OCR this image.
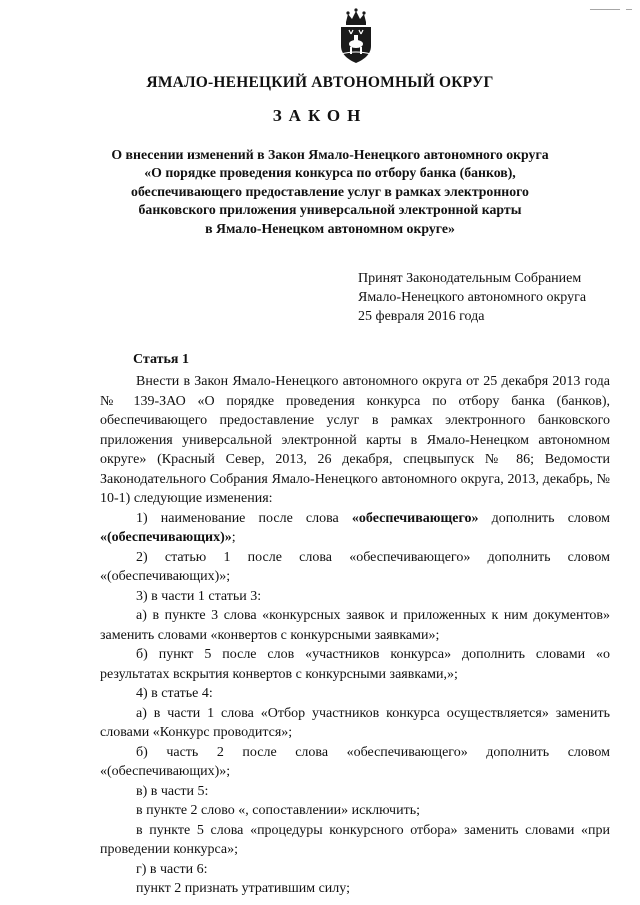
_____ _
ЯМАЛО-НЕНЕЦКИЙ АВТОНОМНЫЙ ОКРУГ
ЗАКОН
О внесении изменений в Закон Ямало-Ненецкого автономного округа
«О порядке проведения конкурса по отбору банка (банков),
обеспечивающего предоставление услуг в рамках электронного
банковского приложения универсальной электронной карты
в Ямало-Ненецком автономном округе»
Принят Законодательным Собранием
Ямало-Ненецкого автономного округа
25 февраля 2016 года
Статья 1

Внести в Закон Ямало-Ненецкого автономного округа от 25 декабря 2013 года № 139-ЗАО «О порядке проведения конкурса по отбору банка (банков), обеспечивающего предоставление услуг в рамках электронного банковского приложения универсальной электронной карты в Ямало-Ненецком автономном округе» (Красный Север, 2013, 26 декабря, спецвыпуск № 86; Ведомости Законодательного Собрания Ямало-Ненецкого автономного округа, 2013, декабрь, № 10-1) следующие изменения:

1) наименование после слова «обеспечивающего» дополнить словом «(обеспечивающих)»;

2) статью 1 после слова «обеспечивающего» дополнить словом «(обеспечивающих)»;

3) в части 1 статьи 3:

а) в пункте 3 слова «конкурсных заявок и приложенных к ним документов» заменить словами «конвертов с конкурсными заявками»;

б) пункт 5 после слов «участников конкурса» дополнить словами «о результатах вскрытия конвертов с конкурсными заявками,»;

4) в статье 4:

а) в части 1 слова «Отбор участников конкурса осуществляется» заменить словами «Конкурс проводится»;

б) часть 2 после слова «обеспечивающего» дополнить словом «(обеспечивающих)»;

в) в части 5:

в пункте 2 слово «, сопоставлении» исключить;

в пункте 5 слова «процедуры конкурсного отбора» заменить словами «при проведении конкурса»;

г) в части 6:

пункт 2 признать утратившим силу;
